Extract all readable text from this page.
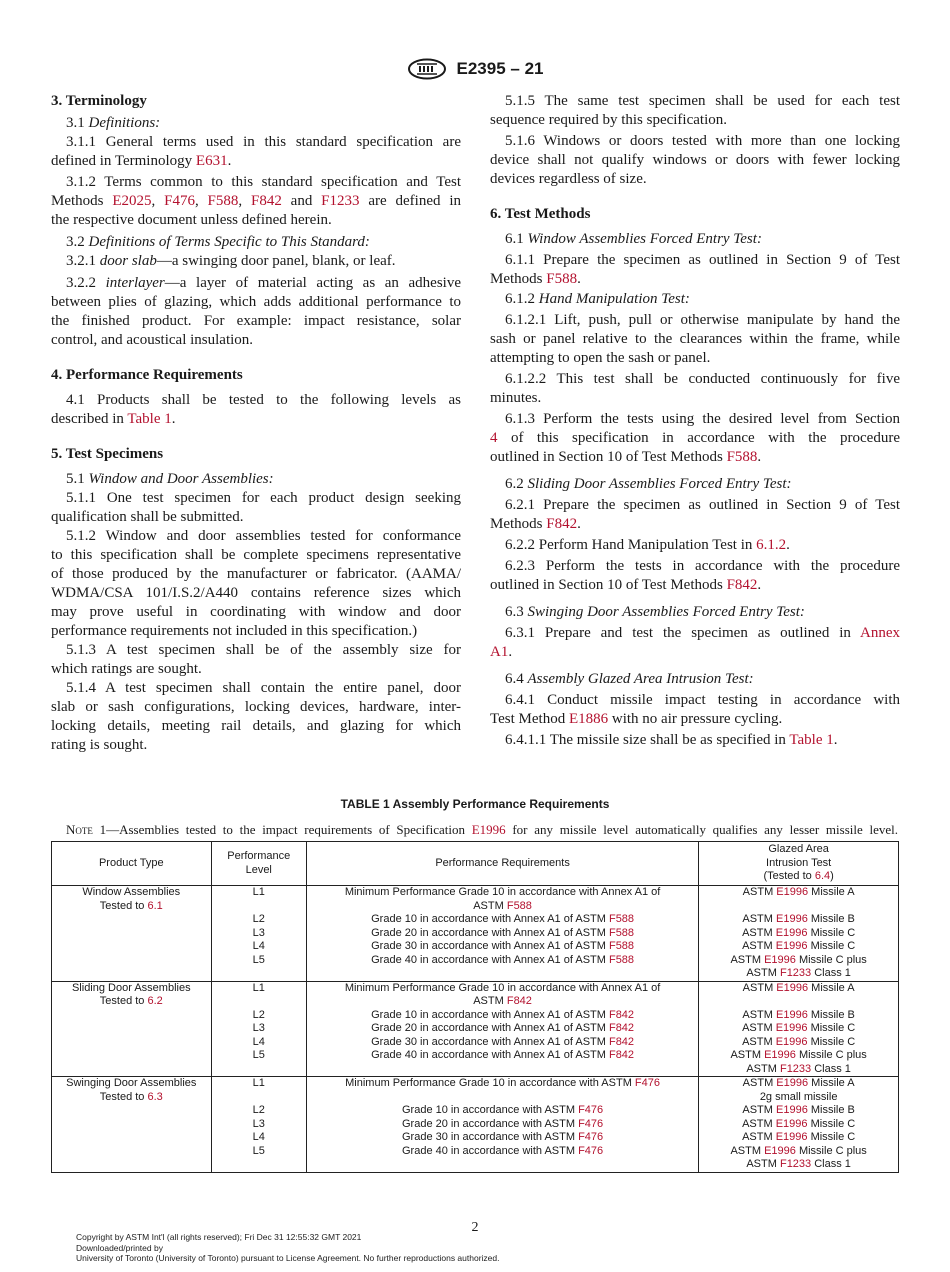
E2395 – 21
3. Terminology
3.1 Definitions:
3.1.1 General terms used in this standard specification are
defined in Terminology E631.
3.1.2 Terms common to this standard specification and Test
Methods E2025, F476, F588, F842 and F1233 are defined in
the respective document unless defined herein.
3.2 Definitions of Terms Specific to This Standard:
3.2.1 door slab—a swinging door panel, blank, or leaf.
3.2.2 interlayer—a layer of material acting as an adhesive
between plies of glazing, which adds additional performance to
the finished product. For example: impact resistance, solar
control, and acoustical insulation.
4. Performance Requirements
4.1 Products shall be tested to the following levels as
described in Table 1.
5. Test Specimens
5.1 Window and Door Assemblies:
5.1.1 One test specimen for each product design seeking
qualification shall be submitted.
5.1.2 Window and door assemblies tested for conformance
to this specification shall be complete specimens representative
of those produced by the manufacturer or fabricator. (AAMA/
WDMA/CSA 101/I.S.2/A440 contains reference sizes which
may prove useful in coordinating with window and door
performance requirements not included in this specification.)
5.1.3 A test specimen shall be of the assembly size for
which ratings are sought.
5.1.4 A test specimen shall contain the entire panel, door
slab or sash configurations, locking devices, hardware, inter-
locking details, meeting rail details, and glazing for which
rating is sought.
5.1.5 The same test specimen shall be used for each test
sequence required by this specification.
5.1.6 Windows or doors tested with more than one locking
device shall not qualify windows or doors with fewer locking
devices regardless of size.
6. Test Methods
6.1 Window Assemblies Forced Entry Test:
6.1.1 Prepare the specimen as outlined in Section 9 of Test
Methods F588.
6.1.2 Hand Manipulation Test:
6.1.2.1 Lift, push, pull or otherwise manipulate by hand the
sash or panel relative to the clearances within the frame, while
attempting to open the sash or panel.
6.1.2.2 This test shall be conducted continuously for five
minutes.
6.1.3 Perform the tests using the desired level from Section
4 of this specification in accordance with the procedure
outlined in Section 10 of Test Methods F588.
6.2 Sliding Door Assemblies Forced Entry Test:
6.2.1 Prepare the specimen as outlined in Section 9 of Test
Methods F842.
6.2.2 Perform Hand Manipulation Test in 6.1.2.
6.2.3 Perform the tests in accordance with the procedure
outlined in Section 10 of Test Methods F842.
6.3 Swinging Door Assemblies Forced Entry Test:
6.3.1 Prepare and test the specimen as outlined in Annex
A1.
6.4 Assembly Glazed Area Intrusion Test:
6.4.1 Conduct missile impact testing in accordance with
Test Method E1886 with no air pressure cycling.
6.4.1.1 The missile size shall be as specified in Table 1.
TABLE 1 Assembly Performance Requirements
Note 1—Assemblies tested to the impact requirements of Specification E1996 for any missile level automatically qualifies any lesser missile level.
Product Type	Performance
Level	Performance Requirements	Glazed Area
Intrusion Test
(Tested to 6.4)
Window Assemblies
Tested to 6.1	L1	Minimum Performance Grade 10 in accordance with Annex A1 of
ASTM F588	ASTM E1996 Missile A
	L2	Grade 10 in accordance with Annex A1 of ASTM F588	ASTM E1996 Missile B
	L3	Grade 20 in accordance with Annex A1 of ASTM F588	ASTM E1996 Missile C
	L4	Grade 30 in accordance with Annex A1 of ASTM F588	ASTM E1996 Missile C
	L5	Grade 40 in accordance with Annex A1 of ASTM F588	ASTM E1996 Missile C plus
ASTM F1233 Class 1
Sliding Door Assemblies
Tested to 6.2	L1	Minimum Performance Grade 10 in accordance with Annex A1 of
ASTM F842	ASTM E1996 Missile A
	L2	Grade 10 in accordance with Annex A1 of ASTM F842	ASTM E1996 Missile B
	L3	Grade 20 in accordance with Annex A1 of ASTM F842	ASTM E1996 Missile C
	L4	Grade 30 in accordance with Annex A1 of ASTM F842	ASTM E1996 Missile C
	L5	Grade 40 in accordance with Annex A1 of ASTM F842	ASTM E1996 Missile C plus
ASTM F1233 Class 1
Swinging Door Assemblies
Tested to 6.3	L1	Minimum Performance Grade 10 in accordance with ASTM F476	ASTM E1996 Missile A
2g small missile
	L2	Grade 10 in accordance with ASTM F476	ASTM E1996 Missile B
	L3	Grade 20 in accordance with ASTM F476	ASTM E1996 Missile C
	L4	Grade 30 in accordance with ASTM F476	ASTM E1996 Missile C
	L5	Grade 40 in accordance with ASTM F476	ASTM E1996 Missile C plus
ASTM F1233 Class 1
2
Copyright by ASTM Int'l (all rights reserved); Fri Dec 31 12:55:32 GMT 2021
Downloaded/printed by
University of Toronto (University of Toronto) pursuant to License Agreement. No further reproductions authorized.
